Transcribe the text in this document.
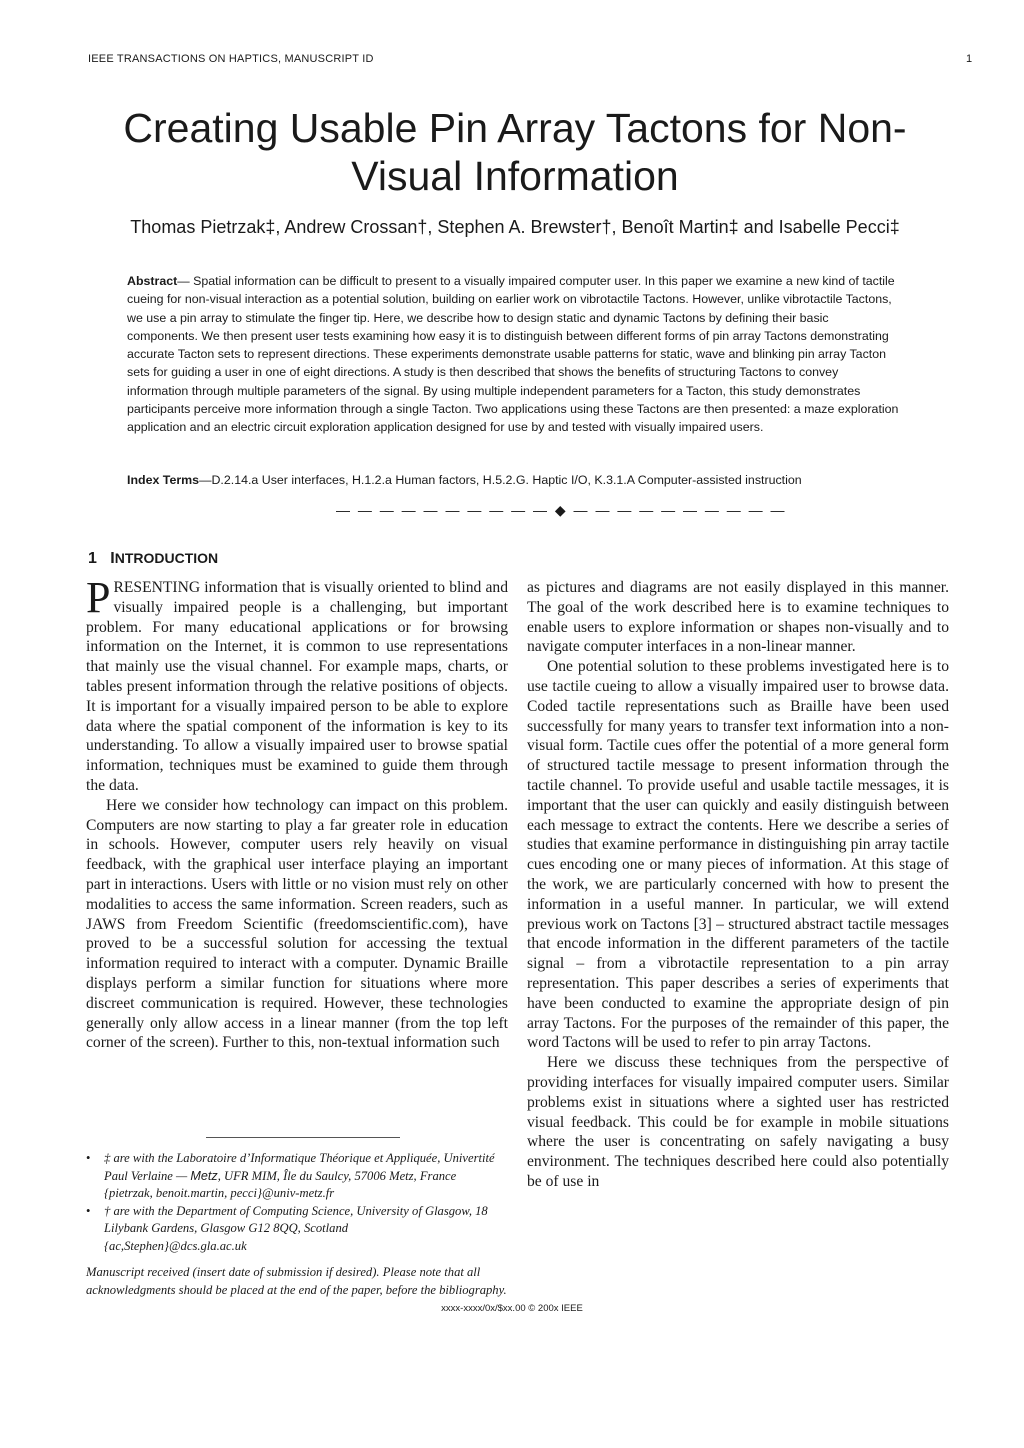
IEEE TRANSACTIONS ON HAPTICS, MANUSCRIPT ID	1
Creating Usable Pin Array Tactons for Non-Visual Information
Thomas Pietrzak‡, Andrew Crossan†, Stephen A. Brewster†, Benoît Martin‡ and Isabelle Pecci‡
Abstract— Spatial information can be difficult to present to a visually impaired computer user. In this paper we examine a new kind of tactile cueing for non-visual interaction as a potential solution, building on earlier work on vibrotactile Tactons. However, unlike vibrotactile Tactons, we use a pin array to stimulate the finger tip. Here, we describe how to design static and dynamic Tactons by defining their basic components. We then present user tests examining how easy it is to distinguish between different forms of pin array Tactons demonstrating accurate Tacton sets to represent directions. These experiments demonstrate usable patterns for static, wave and blinking pin array Tacton sets for guiding a user in one of eight directions. A study is then described that shows the benefits of structuring Tactons to convey information through multiple parameters of the signal. By using multiple independent parameters for a Tacton, this study demonstrates participants perceive more information through a single Tacton. Two applications using these Tactons are then presented: a maze exploration application and an electric circuit exploration application designed for use by and tested with visually impaired users.
Index Terms—D.2.14.a User interfaces, H.1.2.a Human factors, H.5.2.G. Haptic I/O, K.3.1.A Computer-assisted instruction
— — — — — — — — — — ◆ — — — — — — — — — —
1 INTRODUCTION

PRESENTING information that is visually oriented to blind and visually impaired people is a challenging, but important problem. For many educational applications or for browsing information on the Internet, it is common to use representations that mainly use the visual channel. For example maps, charts, or tables present information through the relative positions of objects. It is important for a visually impaired person to be able to explore data where the spatial component of the information is key to its understanding. To allow a visually impaired user to browse spatial information, techniques must be examined to guide them through the data.

Here we consider how technology can impact on this problem. Computers are now starting to play a far greater role in education in schools. However, computer users rely heavily on visual feedback, with the graphical user interface playing an important part in interactions. Users with little or no vision must rely on other modalities to access the same information. Screen readers, such as JAWS from Freedom Scientific (freedomscientific.com), have proved to be a successful solution for accessing the textual information required to interact with a computer. Dynamic Braille displays perform a similar function for situations where more discreet communication is required. However, these technologies generally only allow access in a linear manner (from the top left corner of the screen). Further to this, non-textual information such

as pictures and diagrams are not easily displayed in this manner. The goal of the work described here is to examine techniques to enable users to explore information or shapes non-visually and to navigate computer interfaces in a non-linear manner.

One potential solution to these problems investigated here is to use tactile cueing to allow a visually impaired user to browse data. Coded tactile representations such as Braille have been used successfully for many years to transfer text information into a non-visual form. Tactile cues offer the potential of a more general form of structured tactile message to present information through the tactile channel. To provide useful and usable tactile messages, it is important that the user can quickly and easily distinguish between each message to extract the contents. Here we describe a series of studies that examine performance in distinguishing pin array tactile cues encoding one or many pieces of information. At this stage of the work, we are particularly concerned with how to present the information in a useful manner. In particular, we will extend previous work on Tactons [3] – structured abstract tactile messages that encode information in the different parameters of the tactile signal – from a vibrotactile representation to a pin array representation. This paper describes a series of experiments that have been conducted to examine the appropriate design of pin array Tactons. For the purposes of the remainder of this paper, the word Tactons will be used to refer to pin array Tactons.

Here we discuss these techniques from the perspective of providing interfaces for visually impaired computer users. Similar problems exist in situations where a sighted user has restricted visual feedback. This could be for example in mobile situations where the user is concentrating on safely navigating a busy environment. The techniques described here could also potentially be of use in

• ‡ are with the Laboratoire d’Informatique Théorique et Appliquée, Univertité Paul Verlaine — Metz, UFR MIM, Île du Saulcy, 57006 Metz, France

{pietrzak, benoit.martin, pecci}@univ-metz.fr

• † are with the Department of Computing Science, University of Glasgow, 18 Lilybank Gardens, Glasgow G12 8QQ, Scotland

{ac,Stephen}@dcs.gla.ac.uk

Manuscript received (insert date of submission if desired). Please note that all acknowledgments should be placed at the end of the paper, before the bibliography.
xxxx-xxxx/0x/$xx.00 © 200x IEEE
